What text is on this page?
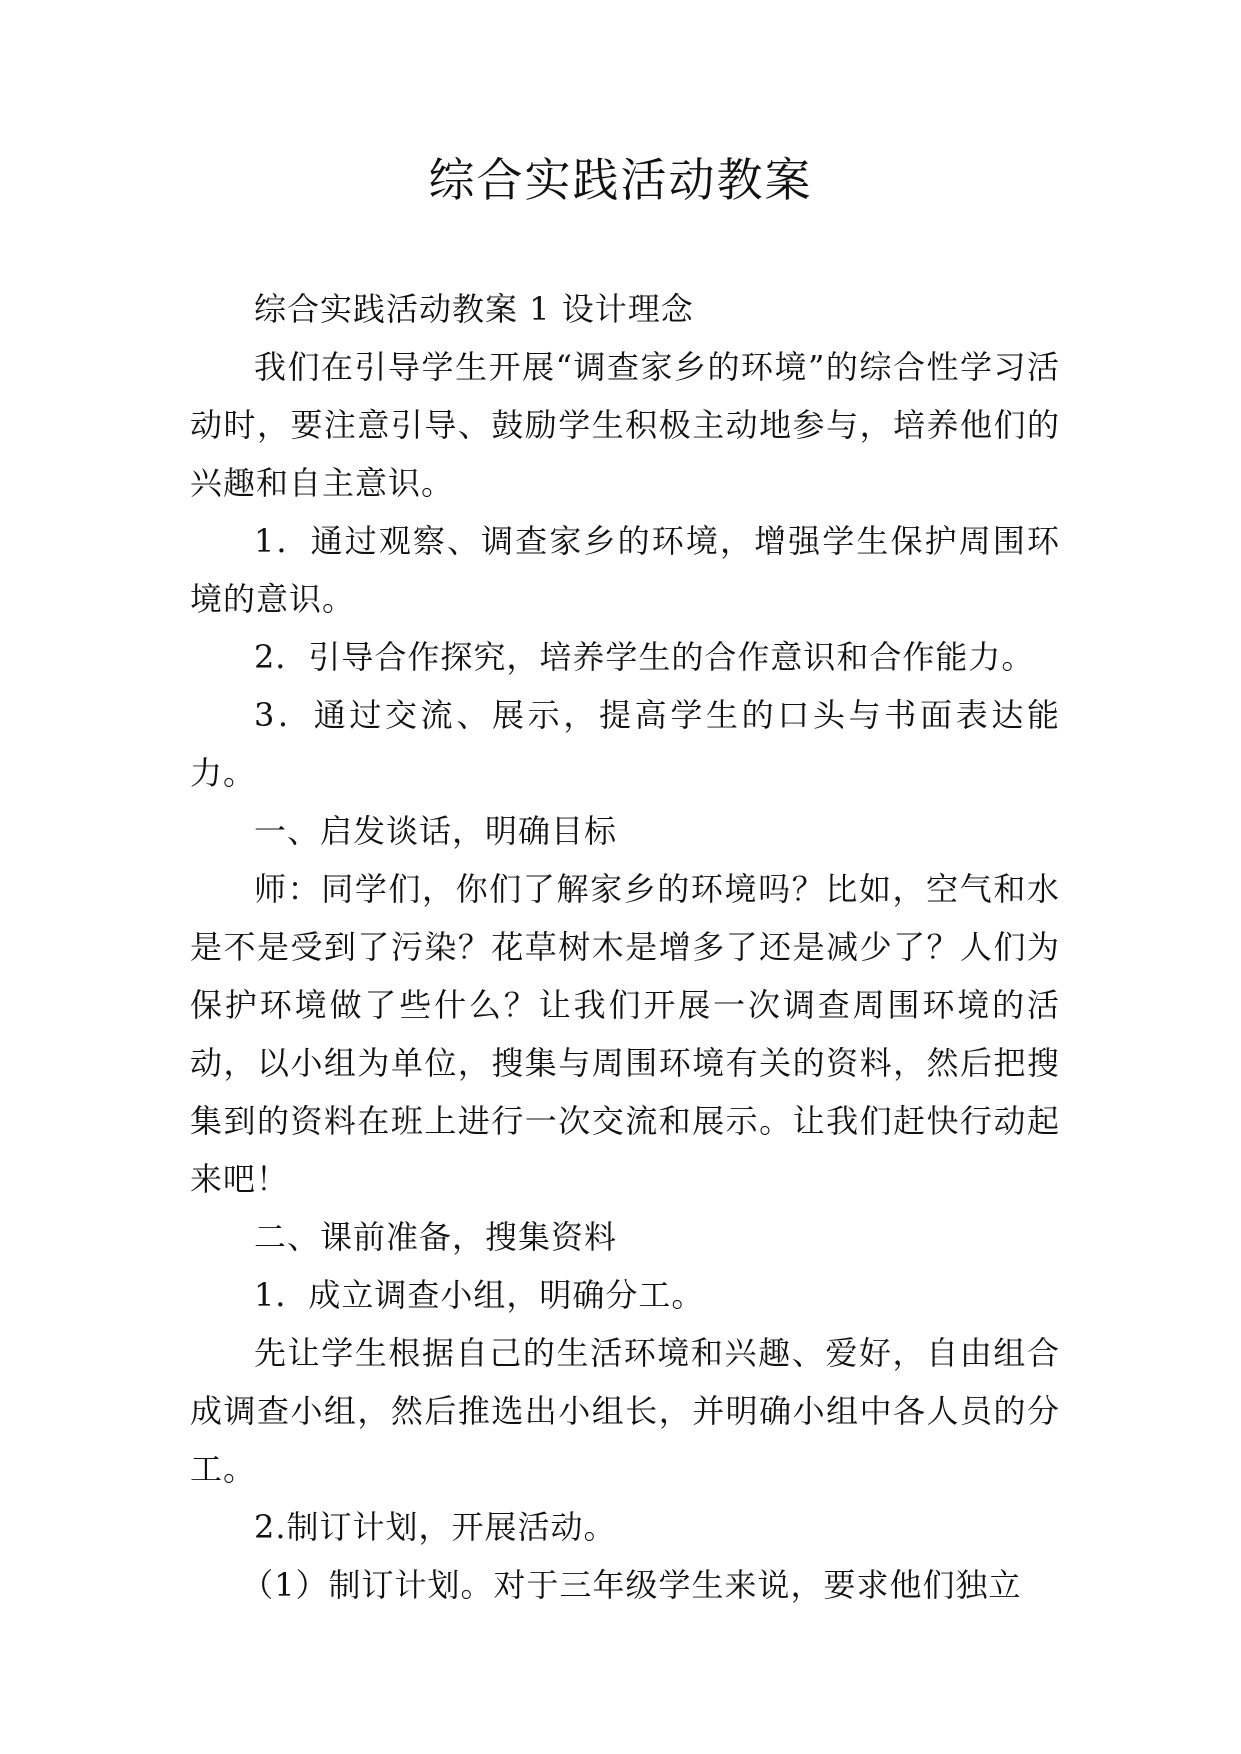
综合实践活动教案

综合实践活动教案 1 设计理念

我们在引导学生开展“调查家乡的环境”的综合性学习活动时，要注意引导、鼓励学生积极主动地参与，培养他们的兴趣和自主意识。

1．通过观察、调查家乡的环境，增强学生保护周围环境的意识。

2．引导合作探究，培养学生的合作意识和合作能力。

3．通过交流、展示，提高学生的口头与书面表达能力。

一、启发谈话，明确目标

师：同学们，你们了解家乡的环境吗？比如，空气和水是不是受到了污染？花草树木是增多了还是减少了？人们为保护环境做了些什么？让我们开展一次调查周围环境的活动，以小组为单位，搜集与周围环境有关的资料，然后把搜集到的资料在班上进行一次交流和展示。让我们赶快行动起来吧！

二、课前准备，搜集资料

1．成立调查小组，明确分工。

先让学生根据自己的生活环境和兴趣、爱好，自由组合成调查小组，然后推选出小组长，并明确小组中各人员的分工。

2.制订计划，开展活动。

（1）制订计划。对于三年级学生来说，要求他们独立
